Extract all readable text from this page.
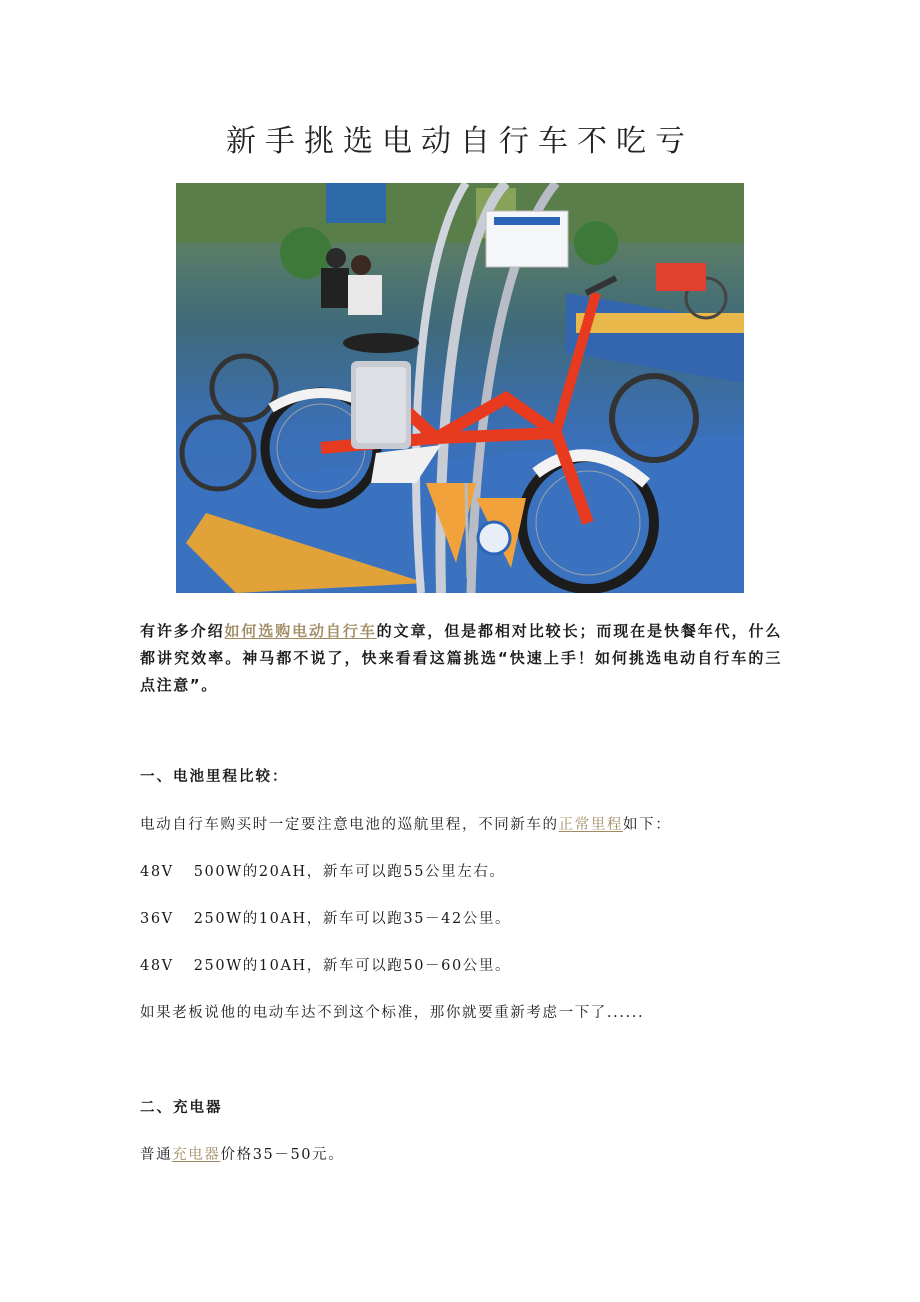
新手挑选电动自行车不吃亏

有许多介绍如何选购电动自行车的文章，但是都相对比较长；而现在是快餐年代，什么都讲究效率。神马都不说了，快来看看这篇挑选“快速上手！如何挑选电动自行车的三点注意”。

一、电池里程比较：

电动自行车购买时一定要注意电池的巡航里程，不同新车的正常里程如下：

48V 500W的20AH，新车可以跑55公里左右。

36V 250W的10AH，新车可以跑35－42公里。

48V 250W的10AH，新车可以跑50－60公里。

如果老板说他的电动车达不到这个标准，那你就要重新考虑一下了......

二、充电器

普通充电器价格35－50元。
